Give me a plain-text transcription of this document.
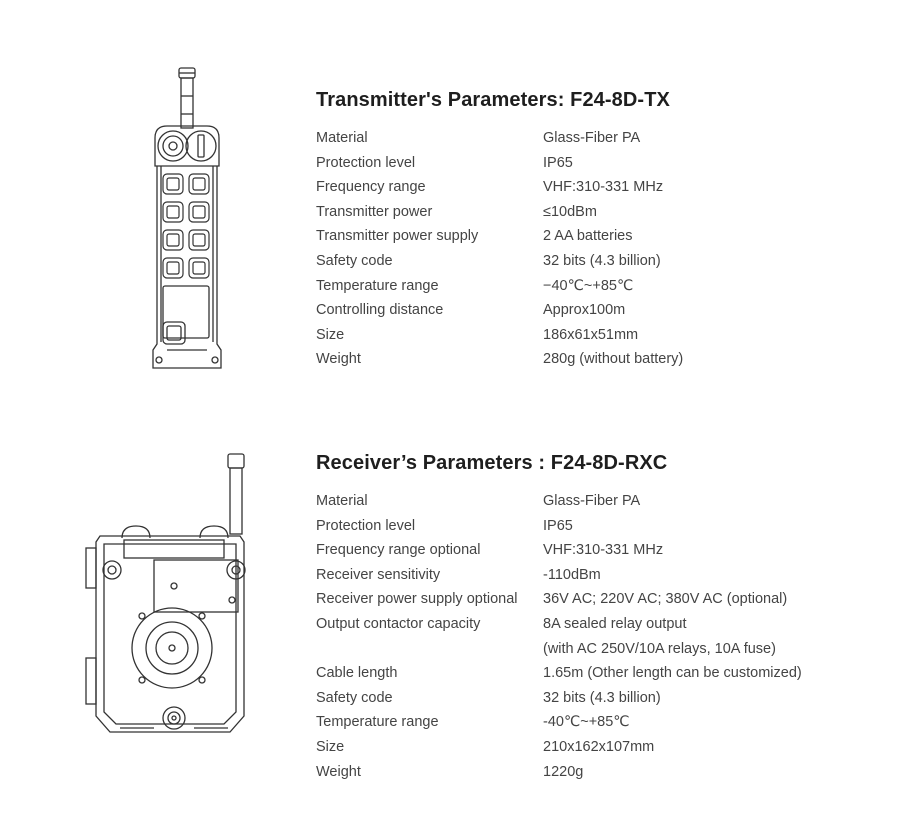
Transmitter's Parameters: F24-8D-TX
Material	Glass-Fiber PA
Protection level	IP65
Frequency range	VHF:310-331 MHz
Transmitter power	≤10dBm
Transmitter power supply	2 AA batteries
Safety code	32 bits (4.3 billion)
Temperature range	−40℃~+85℃
Controlling distance	Approx100m
Size	186x61x51mm
Weight	280g (without battery)
Receiver’s Parameters : F24-8D-RXC
Material	Glass-Fiber PA
Protection level	IP65
Frequency range optional	VHF:310-331 MHz
Receiver sensitivity	-110dBm
Receiver power supply optional	36V AC; 220V AC; 380V AC (optional)
Output contactor capacity	8A sealed relay output
(with AC 250V/10A relays, 10A fuse)
Cable length	1.65m (Other length can be customized)
Safety code	32 bits (4.3 billion)
Temperature range	-40℃~+85℃
Size	210x162x107mm
Weight	1220g
